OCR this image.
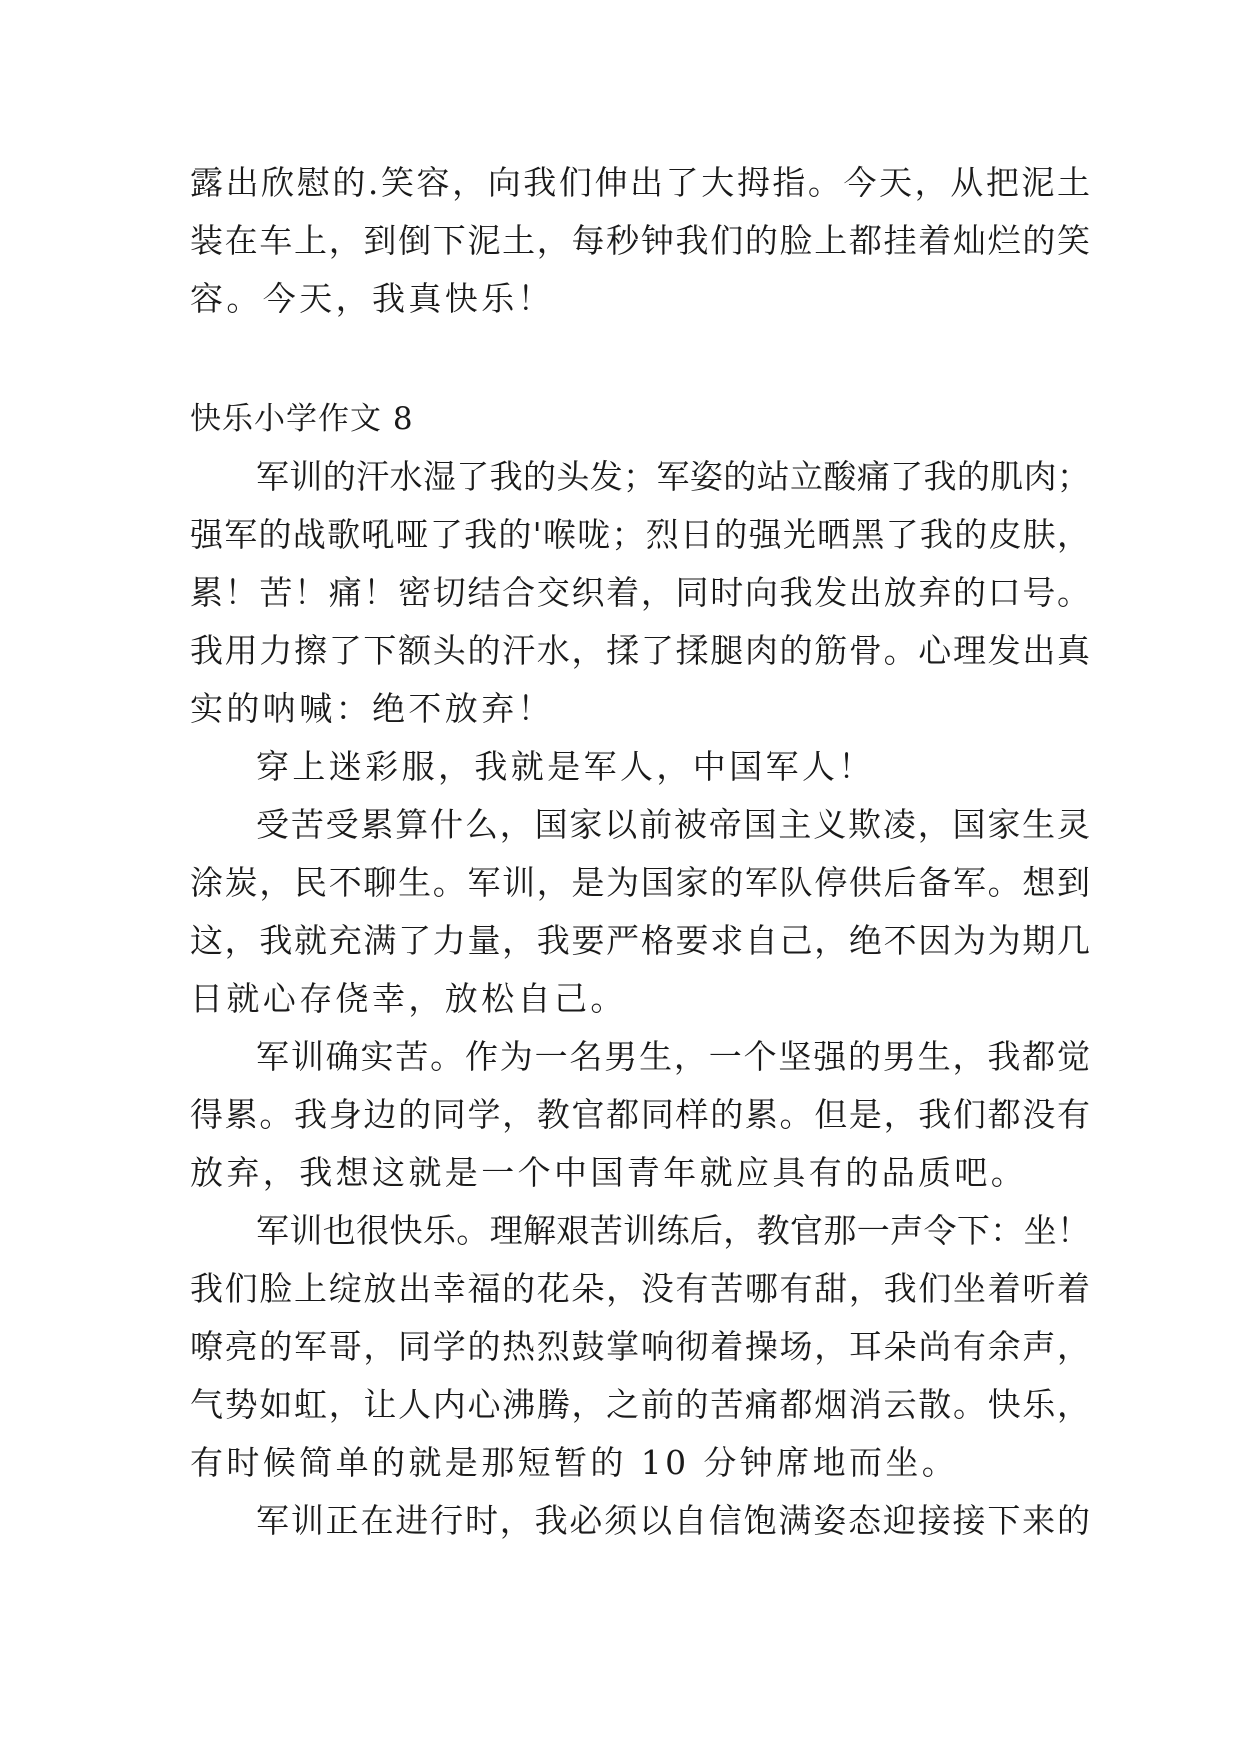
露出欣慰的.笑容，向我们伸出了大拇指。今天，从把泥土
装在车上，到倒下泥土，每秒钟我们的脸上都挂着灿烂的笑
容。今天，我真快乐！
快乐小学作文 8
军训的汗水湿了我的头发；军姿的站立酸痛了我的肌肉；
强军的战歌吼哑了我的'喉咙；烈日的强光晒黑了我的皮肤，
累！苦！痛！密切结合交织着，同时向我发出放弃的口号。
我用力擦了下额头的汗水，揉了揉腿肉的筋骨。心理发出真
实的呐喊：绝不放弃！
穿上迷彩服，我就是军人，中国军人！
受苦受累算什么，国家以前被帝国主义欺凌，国家生灵
涂炭，民不聊生。军训，是为国家的军队停供后备军。想到
这，我就充满了力量，我要严格要求自己，绝不因为为期几
日就心存侥幸，放松自己。
军训确实苦。作为一名男生，一个坚强的男生，我都觉
得累。我身边的同学，教官都同样的累。但是，我们都没有
放弃，我想这就是一个中国青年就应具有的品质吧。
军训也很快乐。理解艰苦训练后，教官那一声令下：坐！
我们脸上绽放出幸福的花朵，没有苦哪有甜，我们坐着听着
嘹亮的军哥，同学的热烈鼓掌响彻着操场，耳朵尚有余声，
气势如虹，让人内心沸腾，之前的苦痛都烟消云散。快乐，
有时候简单的就是那短暂的 10 分钟席地而坐。
军训正在进行时，我必须以自信饱满姿态迎接接下来的
